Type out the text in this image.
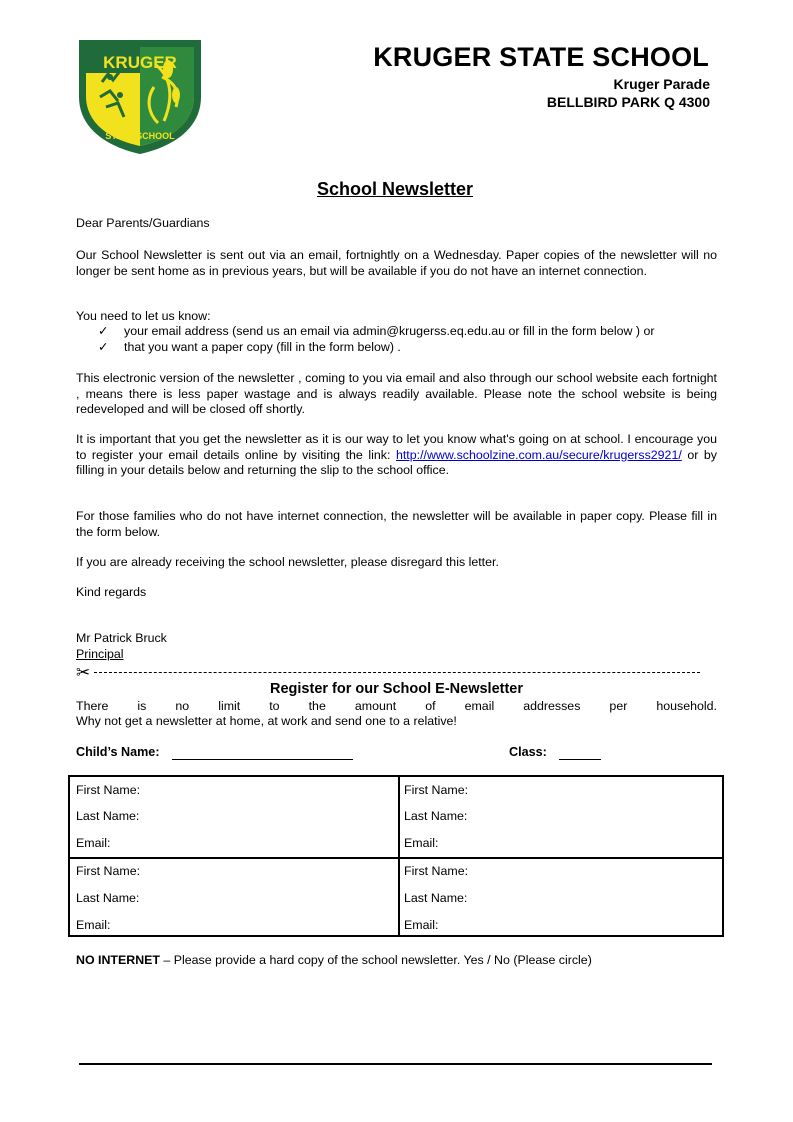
KRUGER
STATE SCHOOL
KRUGER STATE SCHOOL
Kruger Parade
BELLBIRD PARK Q 4300
School Newsletter
Dear Parents/Guardians
Our School Newsletter is sent out via an email, fortnightly on a Wednesday. Paper copies of the newsletter will no longer be sent home as in previous years, but will be available if you do not have an internet connection.
You need to let us know:
✓ your email address (send us an email via admin@krugerss.eq.edu.au or fill in the form below ) or
✓ that you want a paper copy (fill in the form below) .
This electronic version of the newsletter , coming to you via email and also through our school website each fortnight , means there is less paper wastage and is always readily available. Please note the school website is being redeveloped and will be closed off shortly.
It is important that you get the newsletter as it is our way to let you know what's going on at school. I encourage you to register your email details online by visiting the link: http://www.schoolzine.com.au/secure/krugerss2921/ or by filling in your details below and returning the slip to the school office.
For those families who do not have internet connection, the newsletter will be available in paper copy. Please fill in the form below.
If you are already receiving the school newsletter, please disregard this letter.
Kind regards
Mr Patrick Bruck
Principal
✂
Register for our School E-Newsletter
There is no limit to the amount of email addresses per household.
Why not get a newsletter at home, at work and send one to a relative!
Child’s Name:	Class:
First Name:
Last Name:
Email:
First Name:
Last Name:
Email:
First Name:
Last Name:
Email:
First Name:
Last Name:
Email:
NO INTERNET – Please provide a hard copy of the school newsletter. Yes / No (Please circle)
